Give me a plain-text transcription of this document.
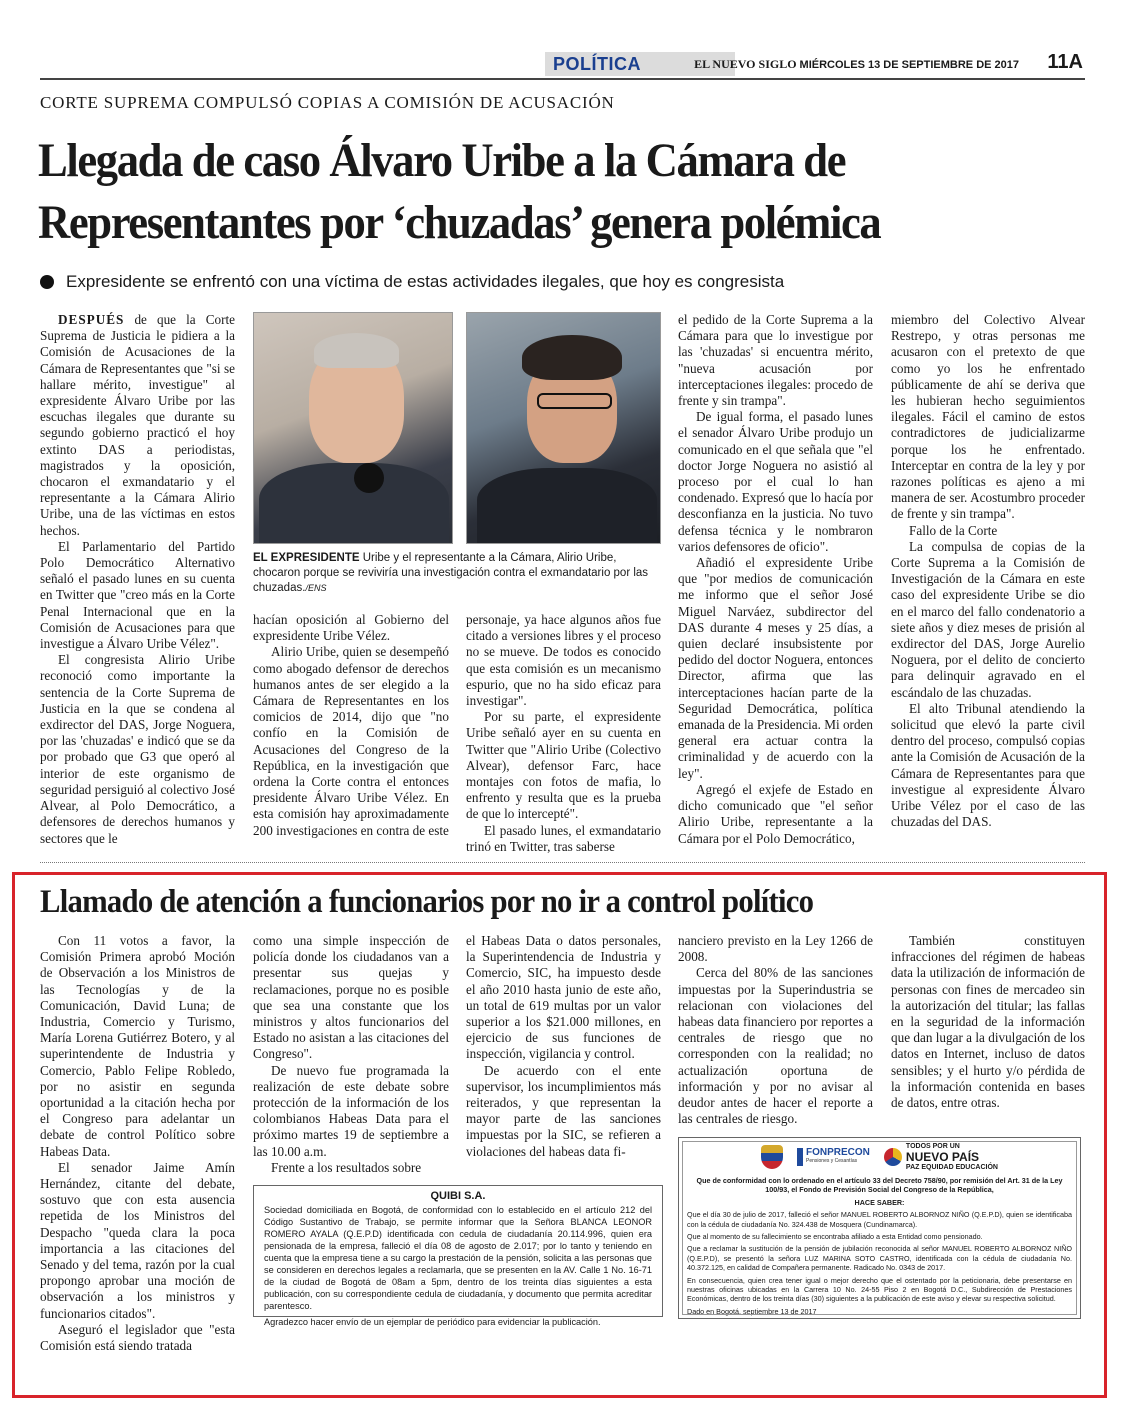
POLÍTICA	EL NUEVO SIGLO MIÉRCOLES 13 DE SEPTIEMBRE DE 2017 11A
CORTE SUPREMA COMPULSÓ COPIAS A COMISIÓN DE ACUSACIÓN
Llegada de caso Álvaro Uribe a la Cámara de
Representantes por ‘chuzadas’ genera polémica
Expresidente se enfrentó con una víctima de estas actividades ilegales, que hoy es congresista

DESPUÉS de que la Corte Suprema de Justicia le pidiera a la Comisión de Acusaciones de la Cámara de Representantes que "si se hallare mérito, investigue" al expresidente Álvaro Uribe por las escuchas ilegales que durante su segundo gobierno practicó el hoy extinto DAS a periodistas, magistrados y la oposición, chocaron el exmandatario y el representante a la Cámara Alirio Uribe, una de las víctimas en estos hechos.

El Parlamentario del Partido Polo Democrático Alternativo señaló el pasado lunes en su cuenta en Twitter que "creo más en la Corte Penal Internacional que en la Comisión de Acusaciones para que investigue a Álvaro Uribe Vélez".

El congresista Alirio Uribe reconoció como importante la sentencia de la Corte Suprema de Justicia en la que se condena al exdirector del DAS, Jorge Noguera, por las 'chuzadas' e indicó que se da por probado que G3 que operó al interior de este organismo de seguridad persiguió al colectivo José Alvear, al Polo Democrático, a defensores de derechos humanos y sectores que le

EL EXPRESIDENTE Uribe y el representante a la Cámara, Alirio Uribe, chocaron porque se reviviría una investigación contra el exmandatario por las chuzadas./ENS

hacían oposición al Gobierno del expresidente Uribe Vélez.

Alirio Uribe, quien se desempeñó como abogado defensor de derechos humanos antes de ser elegido a la Cámara de Representantes en los comicios de 2014, dijo que "no confío en la Comisión de Acusaciones del Congreso de la República, en la investigación que ordena la Corte contra el entonces presidente Álvaro Uribe Vélez. En esta comisión hay aproximadamente 200 investigaciones en contra de este

personaje, ya hace algunos años fue citado a versiones libres y el proceso no se mueve. De todos es conocido que esta comisión es un mecanismo espurio, que no ha sido eficaz para investigar".

Por su parte, el expresidente Uribe señaló ayer en su cuenta en Twitter que "Alirio Uribe (Colectivo Alvear), defensor Farc, hace montajes con fotos de mafia, lo enfrento y resulta que es la prueba de que lo intercepté".

El pasado lunes, el exmandatario trinó en Twitter, tras saberse

el pedido de la Corte Suprema a la Cámara para que lo investigue por las 'chuzadas' si encuentra mérito, "nueva acusación por interceptaciones ilegales: procedo de frente y sin trampa".

De igual forma, el pasado lunes el senador Álvaro Uribe produjo un comunicado en el que señala que "el doctor Jorge Noguera no asistió al proceso por el cual lo han condenado. Expresó que lo hacía por desconfianza en la justicia. No tuvo defensa técnica y le nombraron varios defensores de oficio".

Añadió el expresidente Uribe que "por medios de comunicación me informo que el señor José Miguel Narváez, subdirector del DAS durante 4 meses y 25 días, a quien declaré insubsistente por pedido del doctor Noguera, entonces Director, afirma que las interceptaciones hacían parte de la Seguridad Democrática, política emanada de la Presidencia. Mi orden general era actuar contra la criminalidad y de acuerdo con la ley".

Agregó el exjefe de Estado en dicho comunicado que "el señor Alirio Uribe, representante a la Cámara por el Polo Democrático,

miembro del Colectivo Alvear Restrepo, y otras personas me acusaron con el pretexto de que como yo los he enfrentado públicamente de ahí se deriva que les hubieran hecho seguimientos ilegales. Fácil el camino de estos contradictores de judicializarme porque los he enfrentado. Interceptar en contra de la ley y por razones políticas es ajeno a mi manera de ser. Acostumbro proceder de frente y sin trampa".

Fallo de la Corte

La compulsa de copias de la Corte Suprema a la Comisión de Investigación de la Cámara en este caso del expresidente Uribe se dio en el marco del fallo condenatorio a siete años y diez meses de prisión al exdirector del DAS, Jorge Aurelio Noguera, por el delito de concierto para delinquir agravado en el escándalo de las chuzadas.

El alto Tribunal atendiendo la solicitud que elevó la parte civil dentro del proceso, compulsó copias ante la Comisión de Acusación de la Cámara de Representantes para que investigue al expresidente Álvaro Uribe Vélez por el caso de las chuzadas del DAS.

Llamado de atención a funcionarios por no ir a control político

Con 11 votos a favor, la Comisión Primera aprobó Moción de Observación a los Ministros de las Tecnologías y de la Comunicación, David Luna; de Industria, Comercio y Turismo, María Lorena Gutiérrez Botero, y al superintendente de Industria y Comercio, Pablo Felipe Robledo, por no asistir en segunda oportunidad a la citación hecha por el Congreso para adelantar un debate de control Político sobre Habeas Data.

El senador Jaime Amín Hernández, citante del debate, sostuvo que con esta ausencia repetida de los Ministros del Despacho "queda clara la poca importancia a las citaciones del Senado y del tema, razón por la cual propongo aprobar una moción de observación a los ministros y funcionarios citados".

Aseguró el legislador que "esta Comisión está siendo tratada

como una simple inspección de policía donde los ciudadanos van a presentar sus quejas y reclamaciones, porque no es posible que sea una constante que los ministros y altos funcionarios del Estado no asistan a las citaciones del Congreso".

De nuevo fue programada la realización de este debate sobre protección de la información de los colombianos Habeas Data para el próximo martes 19 de septiembre a las 10.00 a.m.

Frente a los resultados sobre

el Habeas Data o datos personales, la Superintendencia de Industria y Comercio, SIC, ha impuesto desde el año 2010 hasta junio de este año, un total de 619 multas por un valor superior a los $21.000 millones, en ejercicio de sus funciones de inspección, vigilancia y control.

De acuerdo con el ente supervisor, los incumplimientos más reiterados, y que representan la mayor parte de las sanciones impuestas por la SIC, se refieren a violaciones del habeas data fi-

nanciero previsto en la Ley 1266 de 2008.

Cerca del 80% de las sanciones impuestas por la Superindustria se relacionan con violaciones del habeas data financiero por reportes a centrales de riesgo que no corresponden con la realidad; no actualización oportuna de información y por no avisar al deudor antes de hacer el reporte a las centrales de riesgo.

También constituyen infracciones del régimen de habeas data la utilización de información de personas con fines de mercadeo sin la autorización del titular; las fallas en la seguridad de la información que dan lugar a la divulgación de los datos en Internet, incluso de datos sensibles; y el hurto y/o pérdida de la información contenida en bases de datos, entre otras.

QUIBI S.A.
Sociedad domiciliada en Bogotá, de conformidad con lo establecido en el artículo 212 del Código Sustantivo de Trabajo, se permite informar que la Señora BLANCA LEONOR ROMERO AYALA (Q.E.P.D) identificada con cedula de ciudadanía 20.114.996, quien era pensionada de la empresa, falleció el día 08 de agosto de 2.017; por lo tanto y teniendo en cuenta que la empresa tiene a su cargo la prestación de la pensión, solicita a las personas que se consideren en derechos legales a reclamarla, que se presenten en la AV. Calle 1 No. 16-71 de la ciudad de Bogotá de 08am a 5pm, dentro de los treinta días siguientes a esta publicación, con su correspondiente cedula de ciudadanía, y documento que permita acreditar parentesco.
Agradezco hacer envío de un ejemplar de periódico para evidenciar la publicación.
FONPRECON
Pensiones y Cesantías
TODOS POR UN
NUEVO PAÍS
PAZ EQUIDAD EDUCACIÓN

Que de conformidad con lo ordenado en el artículo 33 del Decreto 758/90, por remisión del Art. 31 de la Ley 100/93, el Fondo de Previsión Social del Congreso de la República,

HACE SABER:

Que el día 30 de julio de 2017, falleció el señor MANUEL ROBERTO ALBORNOZ NIÑO (Q.E.P.D), quien se identificaba con la cédula de ciudadanía No. 324.438 de Mosquera (Cundinamarca).

Que al momento de su fallecimiento se encontraba afiliado a esta Entidad como pensionado.

Que a reclamar la sustitución de la pensión de jubilación reconocida al señor MANUEL ROBERTO ALBORNOZ NIÑO (Q.E.P.D), se presentó la señora LUZ MARINA SOTO CASTRO, identificada con la cédula de ciudadanía No. 40.372.125, en calidad de Compañera permanente. Radicado No. 0343 de 2017.

En consecuencia, quien crea tener igual o mejor derecho que el ostentado por la peticionaria, debe presentarse en nuestras oficinas ubicadas en la Carrera 10 No. 24-55 Piso 2 en Bogotá D.C., Subdirección de Prestaciones Económicas, dentro de los treinta días (30) siguientes a la publicación de este aviso y elevar su respectiva solicitud.

Dado en Bogotá, septiembre 13 de 2017
